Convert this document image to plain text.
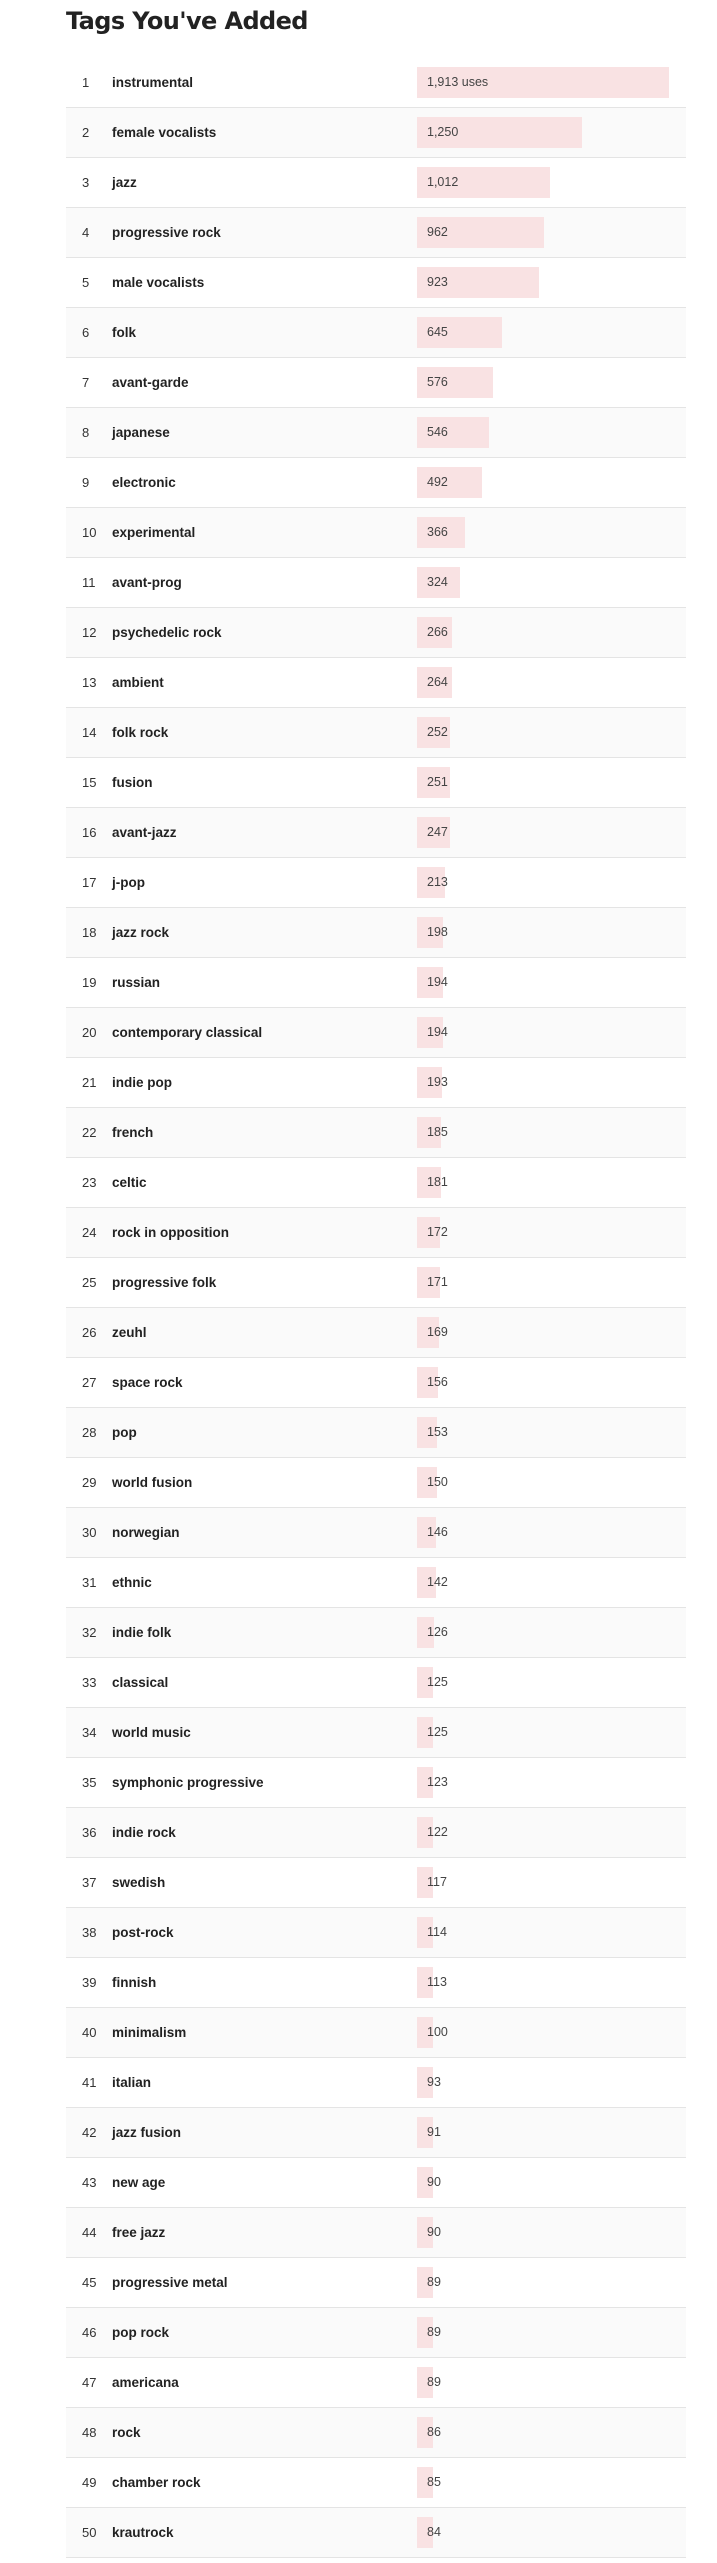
Tags You've Added
1 instrumental	1,913 uses
2 female vocalists	1,250
3 jazz	1,012
4 progressive rock	962
5 male vocalists	923
6 folk	645
7 avant-garde	576
8 japanese	546
9 electronic	492
10 experimental	366
11 avant-prog	324
12 psychedelic rock	266
13 ambient	264
14 folk rock	252
15 fusion	251
16 avant-jazz	247
17 j-pop	213
18 jazz rock	198
19 russian	194
20 contemporary classical	194
21 indie pop	193
22 french	185
23 celtic	181
24 rock in opposition	172
25 progressive folk	171
26 zeuhl	169
27 space rock	156
28 pop	153
29 world fusion	150
30 norwegian	146
31 ethnic	142
32 indie folk	126
33 classical	125
34 world music	125
35 symphonic progressive	123
36 indie rock	122
37 swedish	117
38 post-rock	114
39 finnish	113
40 minimalism	100
41 italian	93
42 jazz fusion	91
43 new age	90
44 free jazz	90
45 progressive metal	89
46 pop rock	89
47 americana	89
48 rock	86
49 chamber rock	85
50 krautrock	84
